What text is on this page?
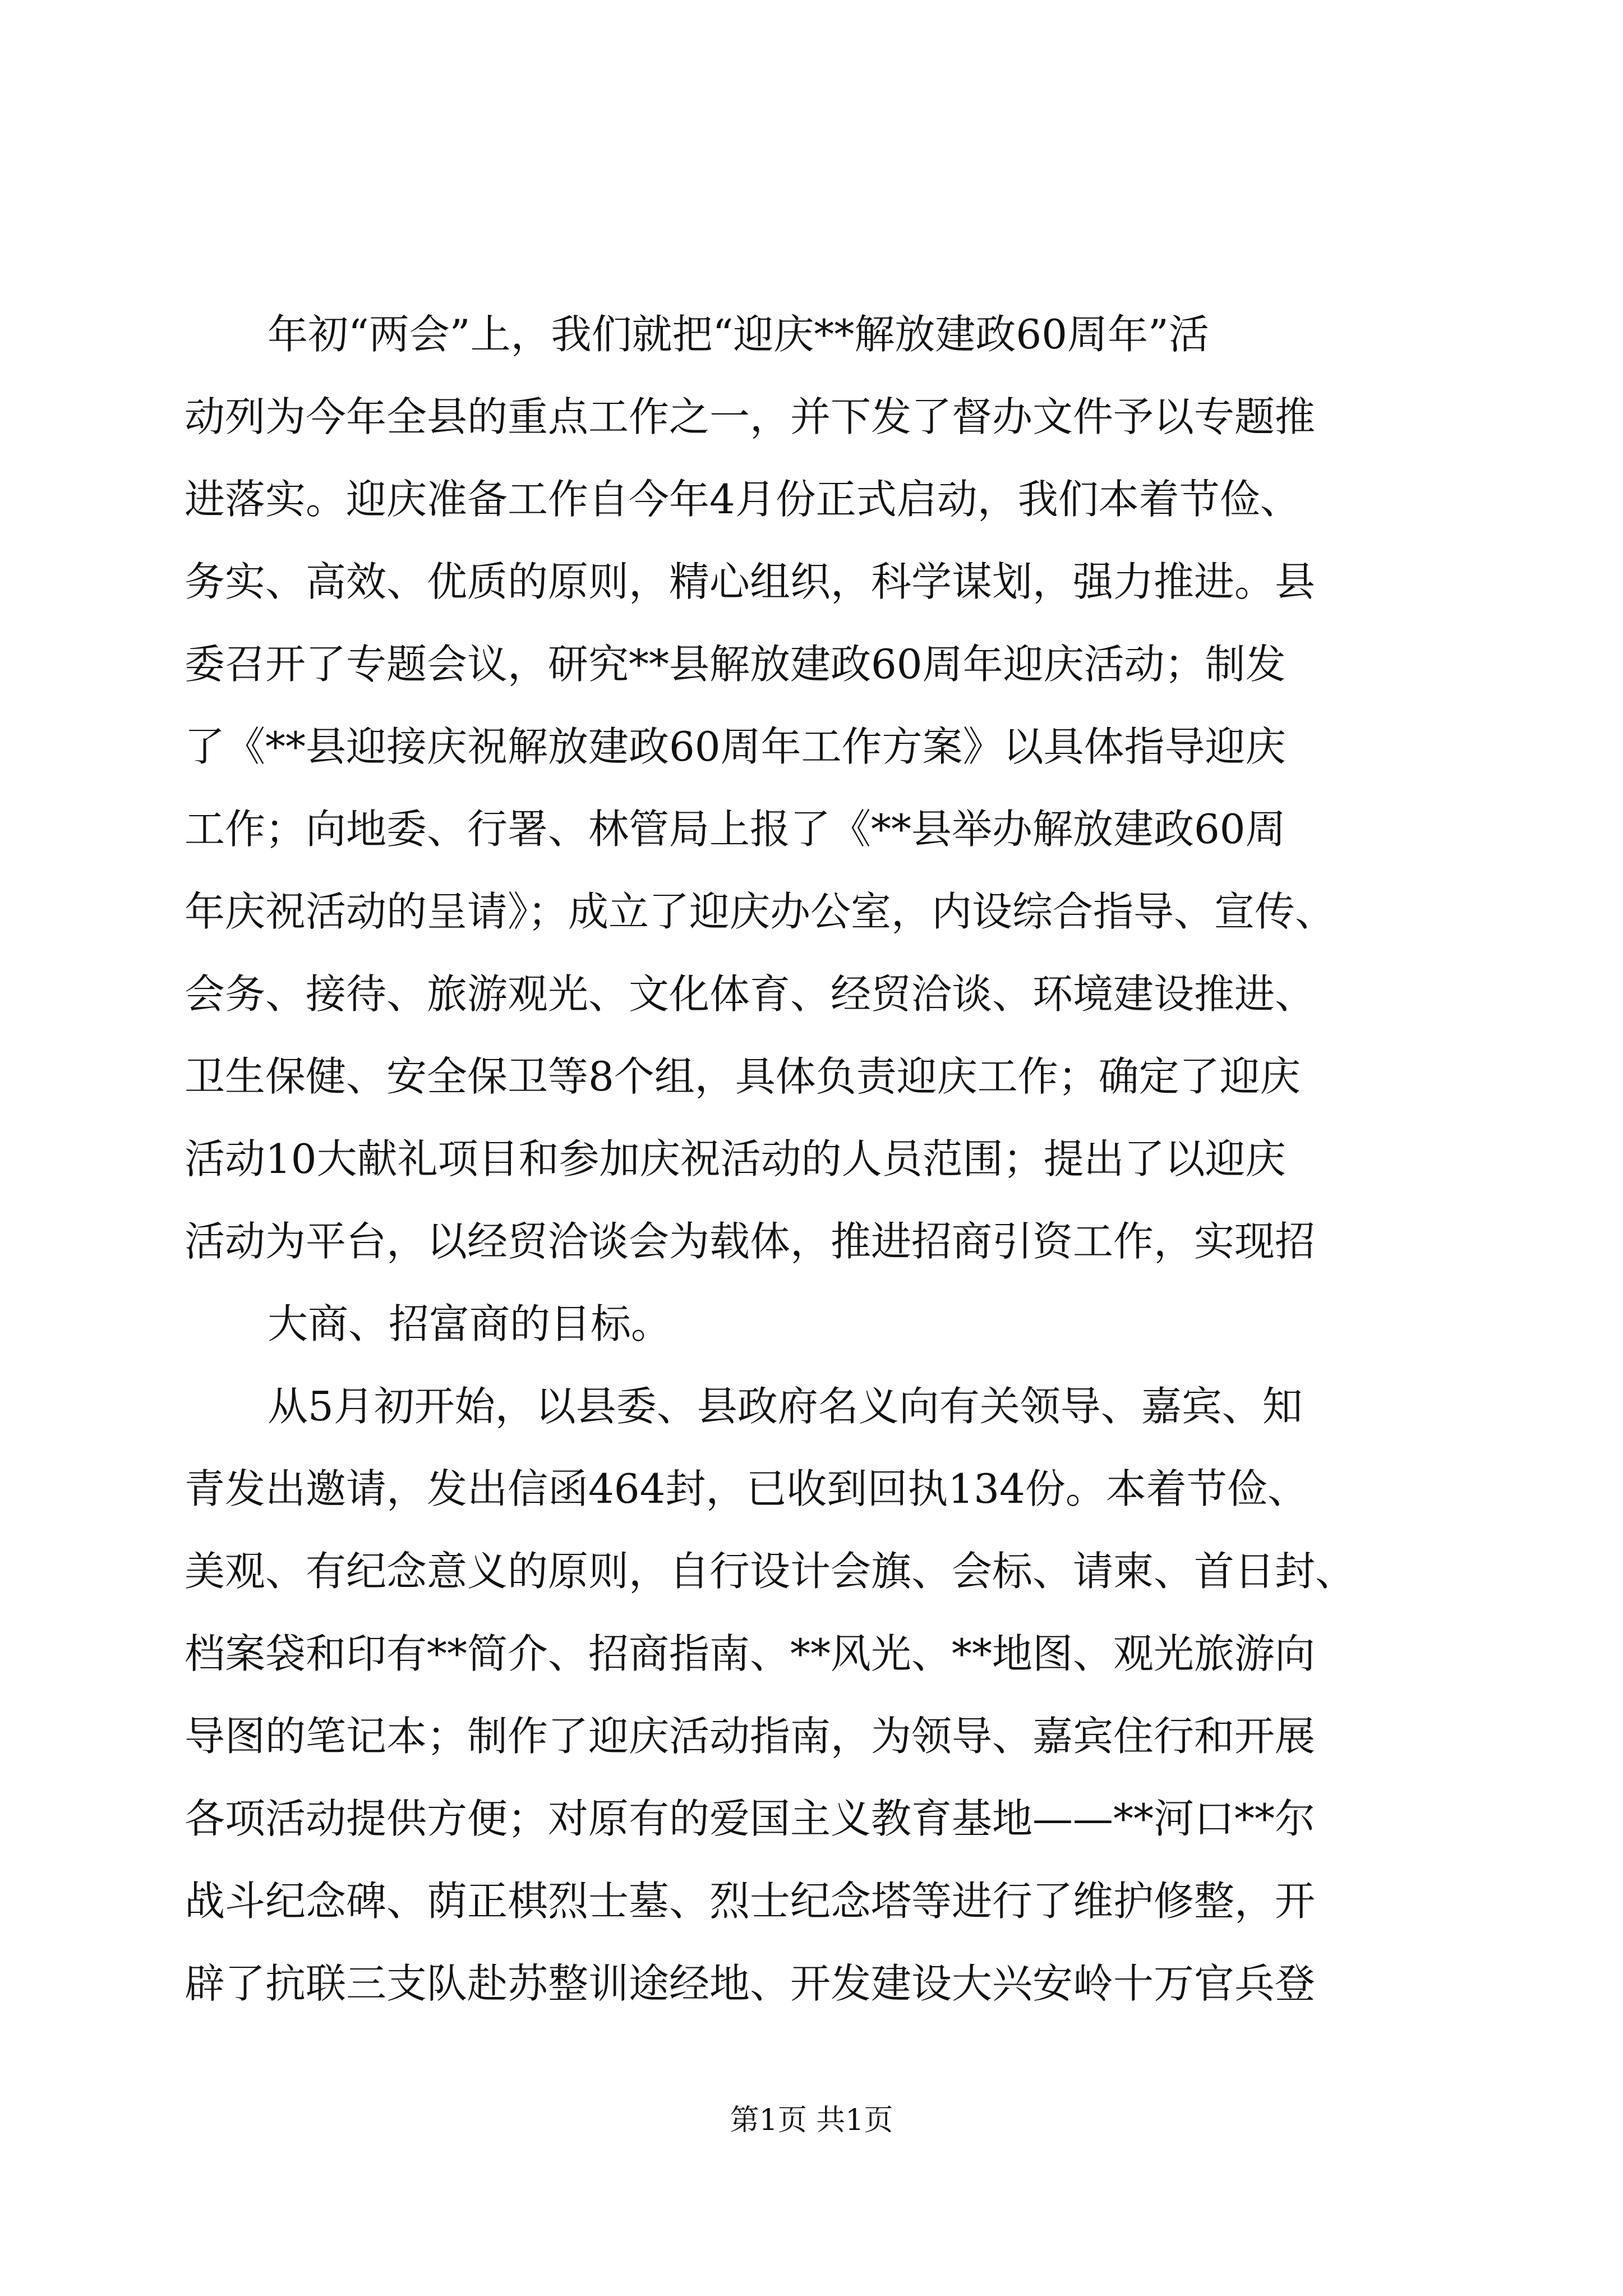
年初“两会”上，我们就把“迎庆**解放建政60周年”活

动列为今年全县的重点工作之一，并下发了督办文件予以专题推

进落实。迎庆准备工作自今年4月份正式启动，我们本着节俭、

务实、高效、优质的原则，精心组织，科学谋划，强力推进。县

委召开了专题会议，研究**县解放建政60周年迎庆活动；制发

了《**县迎接庆祝解放建政60周年工作方案》以具体指导迎庆

工作；向地委、行署、林管局上报了《**县举办解放建政60周

年庆祝活动的呈请》；成立了迎庆办公室，内设综合指导、宣传、

会务、接待、旅游观光、文化体育、经贸洽谈、环境建设推进、

卫生保健、安全保卫等8个组，具体负责迎庆工作；确定了迎庆

活动10大献礼项目和参加庆祝活动的人员范围；提出了以迎庆

活动为平台，以经贸洽谈会为载体，推进招商引资工作，实现招

大商、招富商的目标。

从5月初开始，以县委、县政府名义向有关领导、嘉宾、知

青发出邀请，发出信函464封，已收到回执134份。本着节俭、

美观、有纪念意义的原则，自行设计会旗、会标、请柬、首日封、

档案袋和印有**简介、招商指南、**风光、**地图、观光旅游向

导图的笔记本；制作了迎庆活动指南，为领导、嘉宾住行和开展

各项活动提供方便；对原有的爱国主义教育基地——**河口**尔

战斗纪念碑、荫正棋烈士墓、烈士纪念塔等进行了维护修整，开

辟了抗联三支队赴苏整训途经地、开发建设大兴安岭十万官兵登

第1页 共1页
